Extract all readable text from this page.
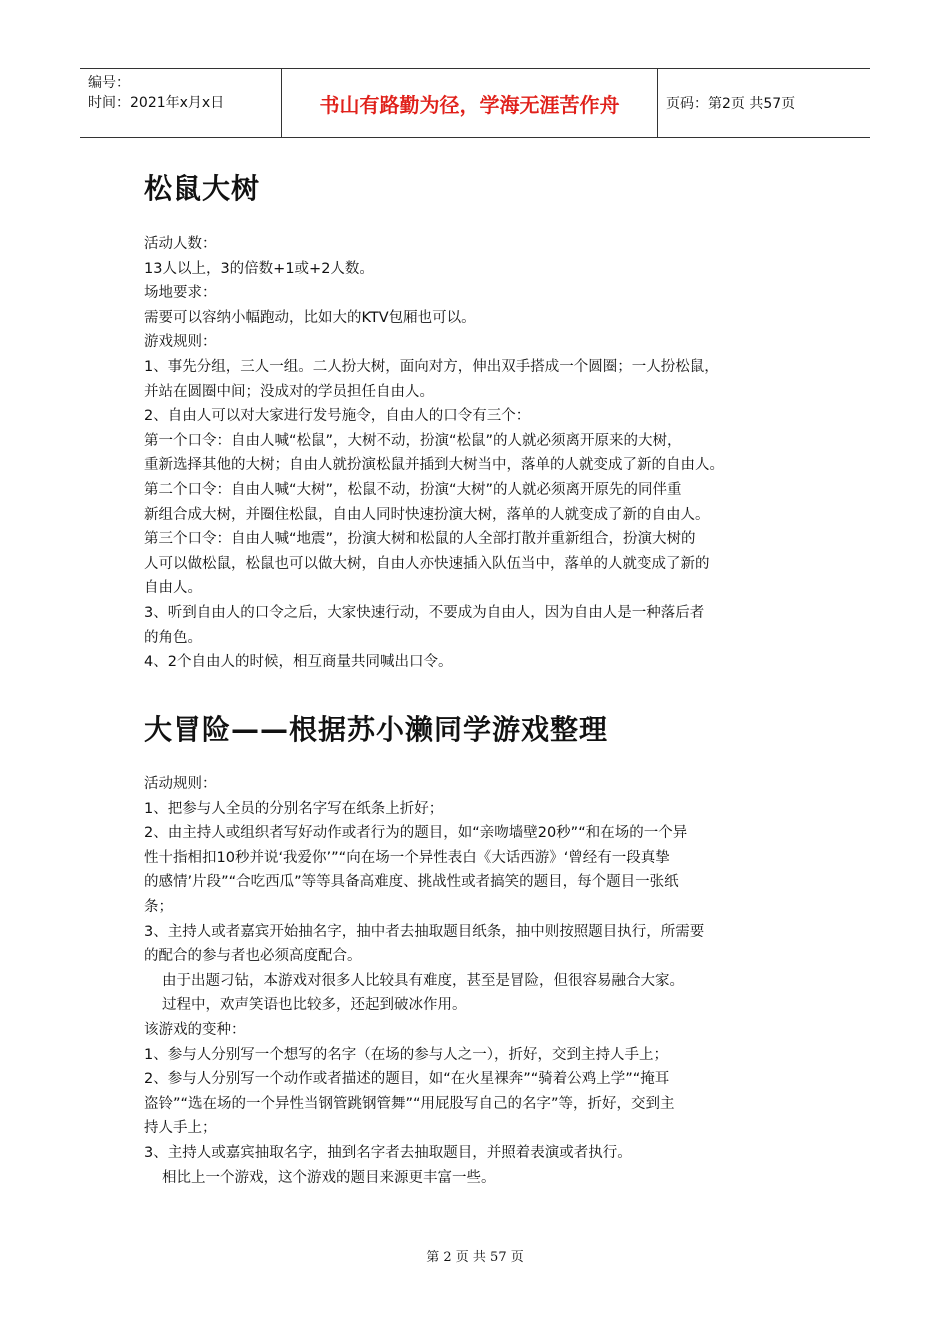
编号：
时间：2021年x月x日	书山有路勤为径，学海无涯苦作舟	页码：第2页 共57页
松鼠大树
活动人数：
13人以上，3的倍数+1或+2人数。
场地要求：
需要可以容纳小幅跑动，比如大的KTV包厢也可以。
游戏规则：
1、事先分组，三人一组。二人扮大树，面向对方，伸出双手搭成一个圆圈；一人扮松鼠，
并站在圆圈中间；没成对的学员担任自由人。
2、自由人可以对大家进行发号施令，自由人的口令有三个：
第一个口令：自由人喊“松鼠”，大树不动，扮演“松鼠”的人就必须离开原来的大树，
重新选择其他的大树；自由人就扮演松鼠并插到大树当中，落单的人就变成了新的自由人。
第二个口令：自由人喊“大树”，松鼠不动，扮演“大树”的人就必须离开原先的同伴重
新组合成大树，并圈住松鼠，自由人同时快速扮演大树，落单的人就变成了新的自由人。
第三个口令：自由人喊“地震”，扮演大树和松鼠的人全部打散并重新组合，扮演大树的
人可以做松鼠，松鼠也可以做大树，自由人亦快速插入队伍当中，落单的人就变成了新的
自由人。
3、听到自由人的口令之后，大家快速行动，不要成为自由人，因为自由人是一种落后者
的角色。
4、2个自由人的时候，相互商量共同喊出口令。
大冒险——根据苏小濑同学游戏整理
活动规则：
1、把参与人全员的分别名字写在纸条上折好；
2、由主持人或组织者写好动作或者行为的题目，如“亲吻墙壁20秒”“和在场的一个异
性十指相扣10秒并说‘我爱你’”“向在场一个异性表白《大话西游》‘曾经有一段真挚
的感情’片段”“合吃西瓜”等等具备高难度、挑战性或者搞笑的题目，每个题目一张纸
条；
3、主持人或者嘉宾开始抽名字，抽中者去抽取题目纸条，抽中则按照题目执行，所需要
的配合的参与者也必须高度配合。
由于出题刁钻，本游戏对很多人比较具有难度，甚至是冒险，但很容易融合大家。
过程中，欢声笑语也比较多，还起到破冰作用。
该游戏的变种：
1、参与人分别写一个想写的名字（在场的参与人之一），折好，交到主持人手上；
2、参与人分别写一个动作或者描述的题目，如“在火星裸奔”“骑着公鸡上学”“掩耳
盗铃”“选在场的一个异性当钢管跳钢管舞”“用屁股写自己的名字”等，折好，交到主
持人手上；
3、主持人或嘉宾抽取名字，抽到名字者去抽取题目，并照着表演或者执行。
相比上一个游戏，这个游戏的题目来源更丰富一些。
第 2 页 共 57 页
